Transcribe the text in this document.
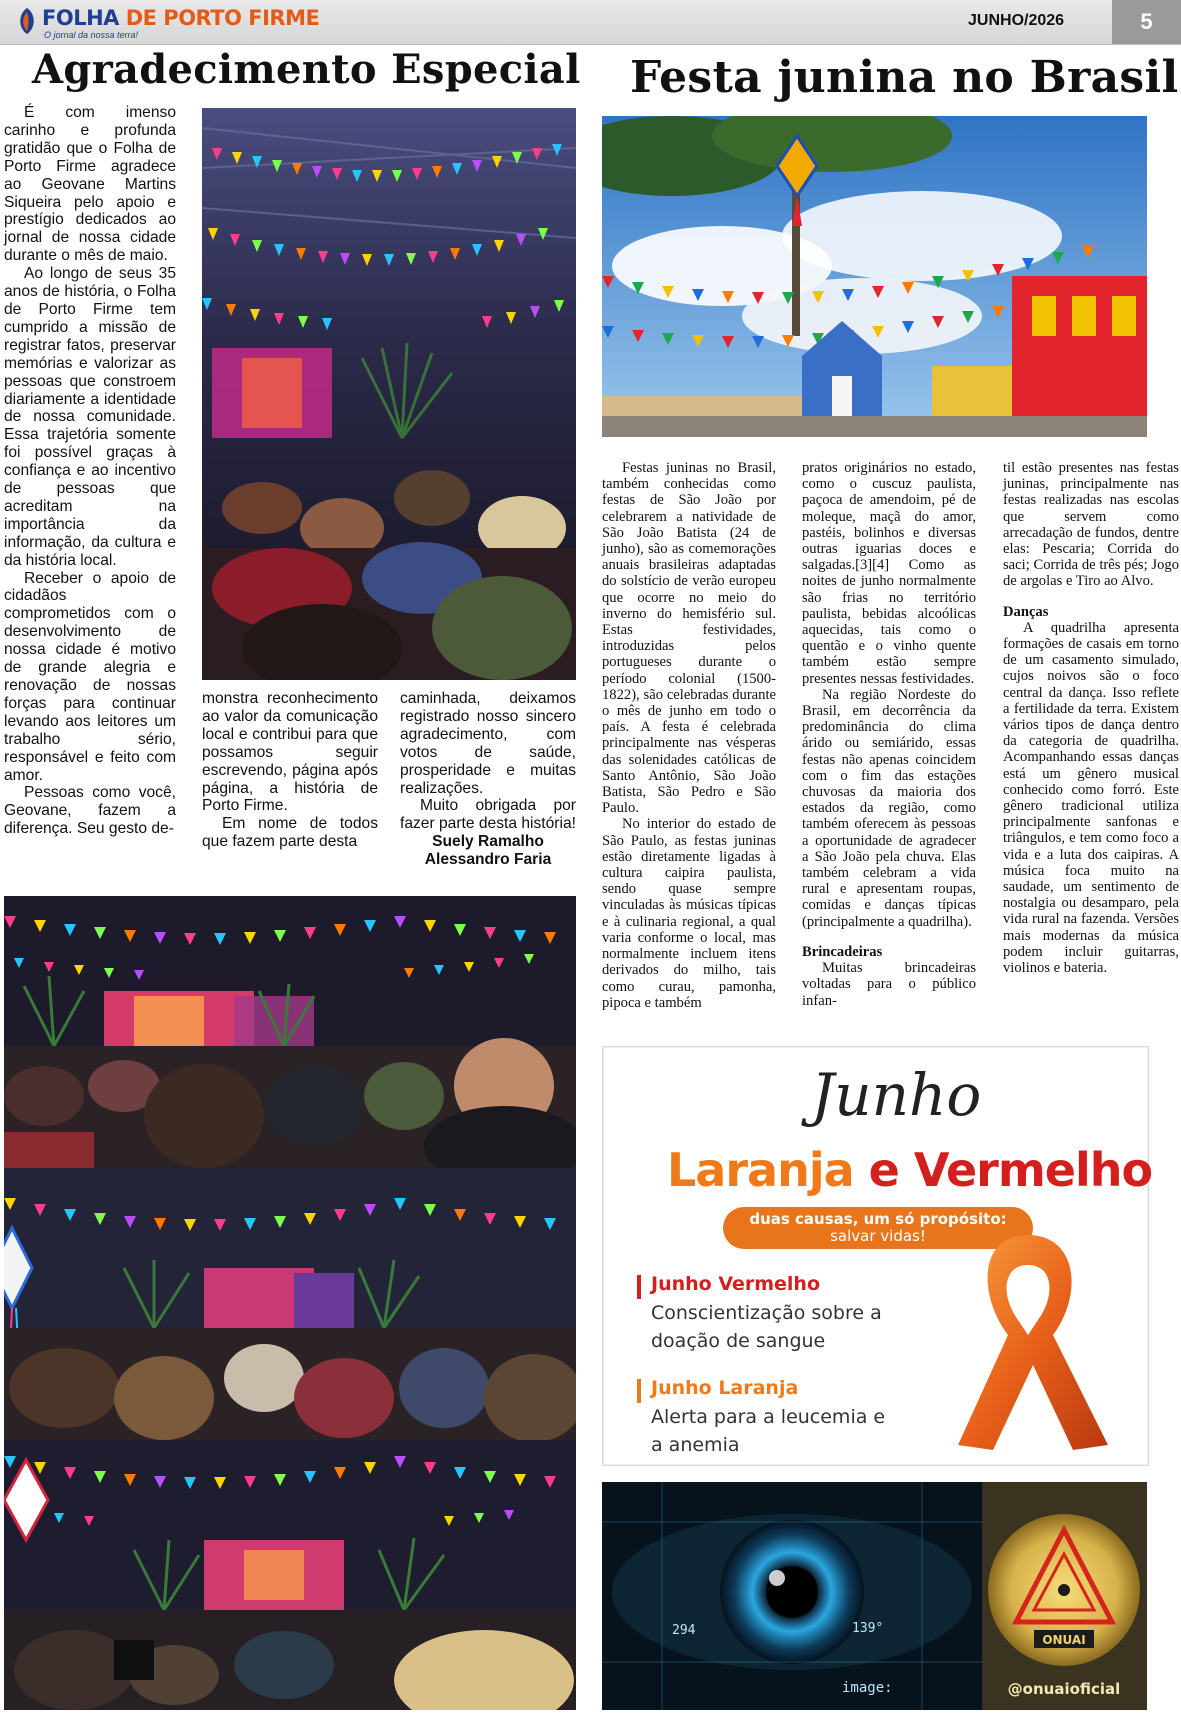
FOLHA DE PORTO FIRME
O jornal da nossa terra!
JUNHO/2026	5
Agradecimento Especial Festa junina no Brasil

É com imenso carinho e profunda gratidão que o Folha de Porto Firme agradece ao Geovane Martins Siqueira pelo apoio e prestígio dedicados ao jornal de nossa cidade durante o mês de maio.

Ao longo de seus 35 anos de história, o Folha de Porto Firme tem cumprido a missão de registrar fatos, preservar memórias e valorizar as pessoas que constroem diariamente a identidade de nossa comunidade. Essa trajetória somente foi possível graças à confiança e ao incentivo de pessoas que acreditam na importância da informação, da cultura e da história local.

Receber o apoio de cidadãos comprometidos com o desenvolvimento de nossa cidade é motivo de grande alegria e renovação de nossas forças para continuar levando aos leitores um trabalho sério, responsável e feito com amor.

Pessoas como você, Geovane, fazem a diferença. Seu gesto de-

monstra reconhecimento ao valor da comunicação local e contribui para que possamos seguir escrevendo, página após página, a história de Porto Firme.

Em nome de todos que fazem parte desta

caminhada, deixamos registrado nosso sincero agradecimento, com votos de saúde, prosperidade e muitas realizações.

Muito obrigada por fazer parte desta história!

Suely Ramalho
Alessandro Faria

Festas juninas no Brasil, também conhecidas como festas de São João por celebrarem a natividade de São João Batista (24 de junho), são as comemorações anuais brasileiras adaptadas do solstício de verão europeu que ocorre no meio do inverno do hemisfério sul. Estas festividades, introduzidas pelos portugueses durante o período colonial (1500-1822), são celebradas durante o mês de junho em todo o país. A festa é celebrada principalmente nas vésperas das solenidades católicas de Santo Antônio, São João Batista, São Pedro e São Paulo.

No interior do estado de São Paulo, as festas juninas estão diretamente ligadas à cultura caipira paulista, sendo quase sempre vinculadas às músicas típicas e à culinaria regional, a qual varia conforme o local, mas normalmente incluem itens derivados do milho, tais como curau, pamonha, pipoca e também

pratos originários no estado, como o cuscuz paulista, paçoca de amendoim, pé de moleque, maçã do amor, pastéis, bolinhos e diversas outras iguarias doces e salgadas.[3][4] Como as noites de junho normalmente são frias no território paulista, bebidas alcoólicas aquecidas, tais como o quentão e o vinho quente também estão sempre presentes nessas festividades.

Na região Nordeste do Brasil, em decorrência da predominância do clima árido ou semiárido, essas festas não apenas coincidem com o fim das estações chuvosas da maioria dos estados da região, como também oferecem às pessoas a oportunidade de agradecer a São João pela chuva. Elas também celebram a vida rural e apresentam roupas, comidas e danças típicas (principalmente a quadrilha).

Brincadeiras

Muitas brincadeiras voltadas para o público infan-

til estão presentes nas festas juninas, principalmente nas festas realizadas nas escolas que servem como arrecadação de fundos, dentre elas: Pescaria; Corrida do saci; Corrida de três pés; Jogo de argolas e Tiro ao Alvo.

Danças

A quadrilha apresenta formações de casais em torno de um casamento simulado, cujos noivos são o foco central da dança. Isso reflete a fertilidade da terra. Existem vários tipos de dança dentro da categoria de quadrilha. Acompanhando essas danças está um gênero musical conhecido como forró. Este gênero tradicional utiliza principalmente sanfonas e triângulos, e tem como foco a vida e a luta dos caipiras. A música foca muito na saudade, um sentimento de nostalgia ou desamparo, pela vida rural na fazenda. Versões mais modernas da música podem incluir guitarras, violinos e bateria.

Junho
Laranja e Vermelho
duas causas, um só propósito:
salvar vidas!
Junho Vermelho
Conscientização sobre a doação de sangue
Junho Laranja
Alerta para a leucemia e a anemia
294	139°
image:
ONUAI
@onuaioficial
